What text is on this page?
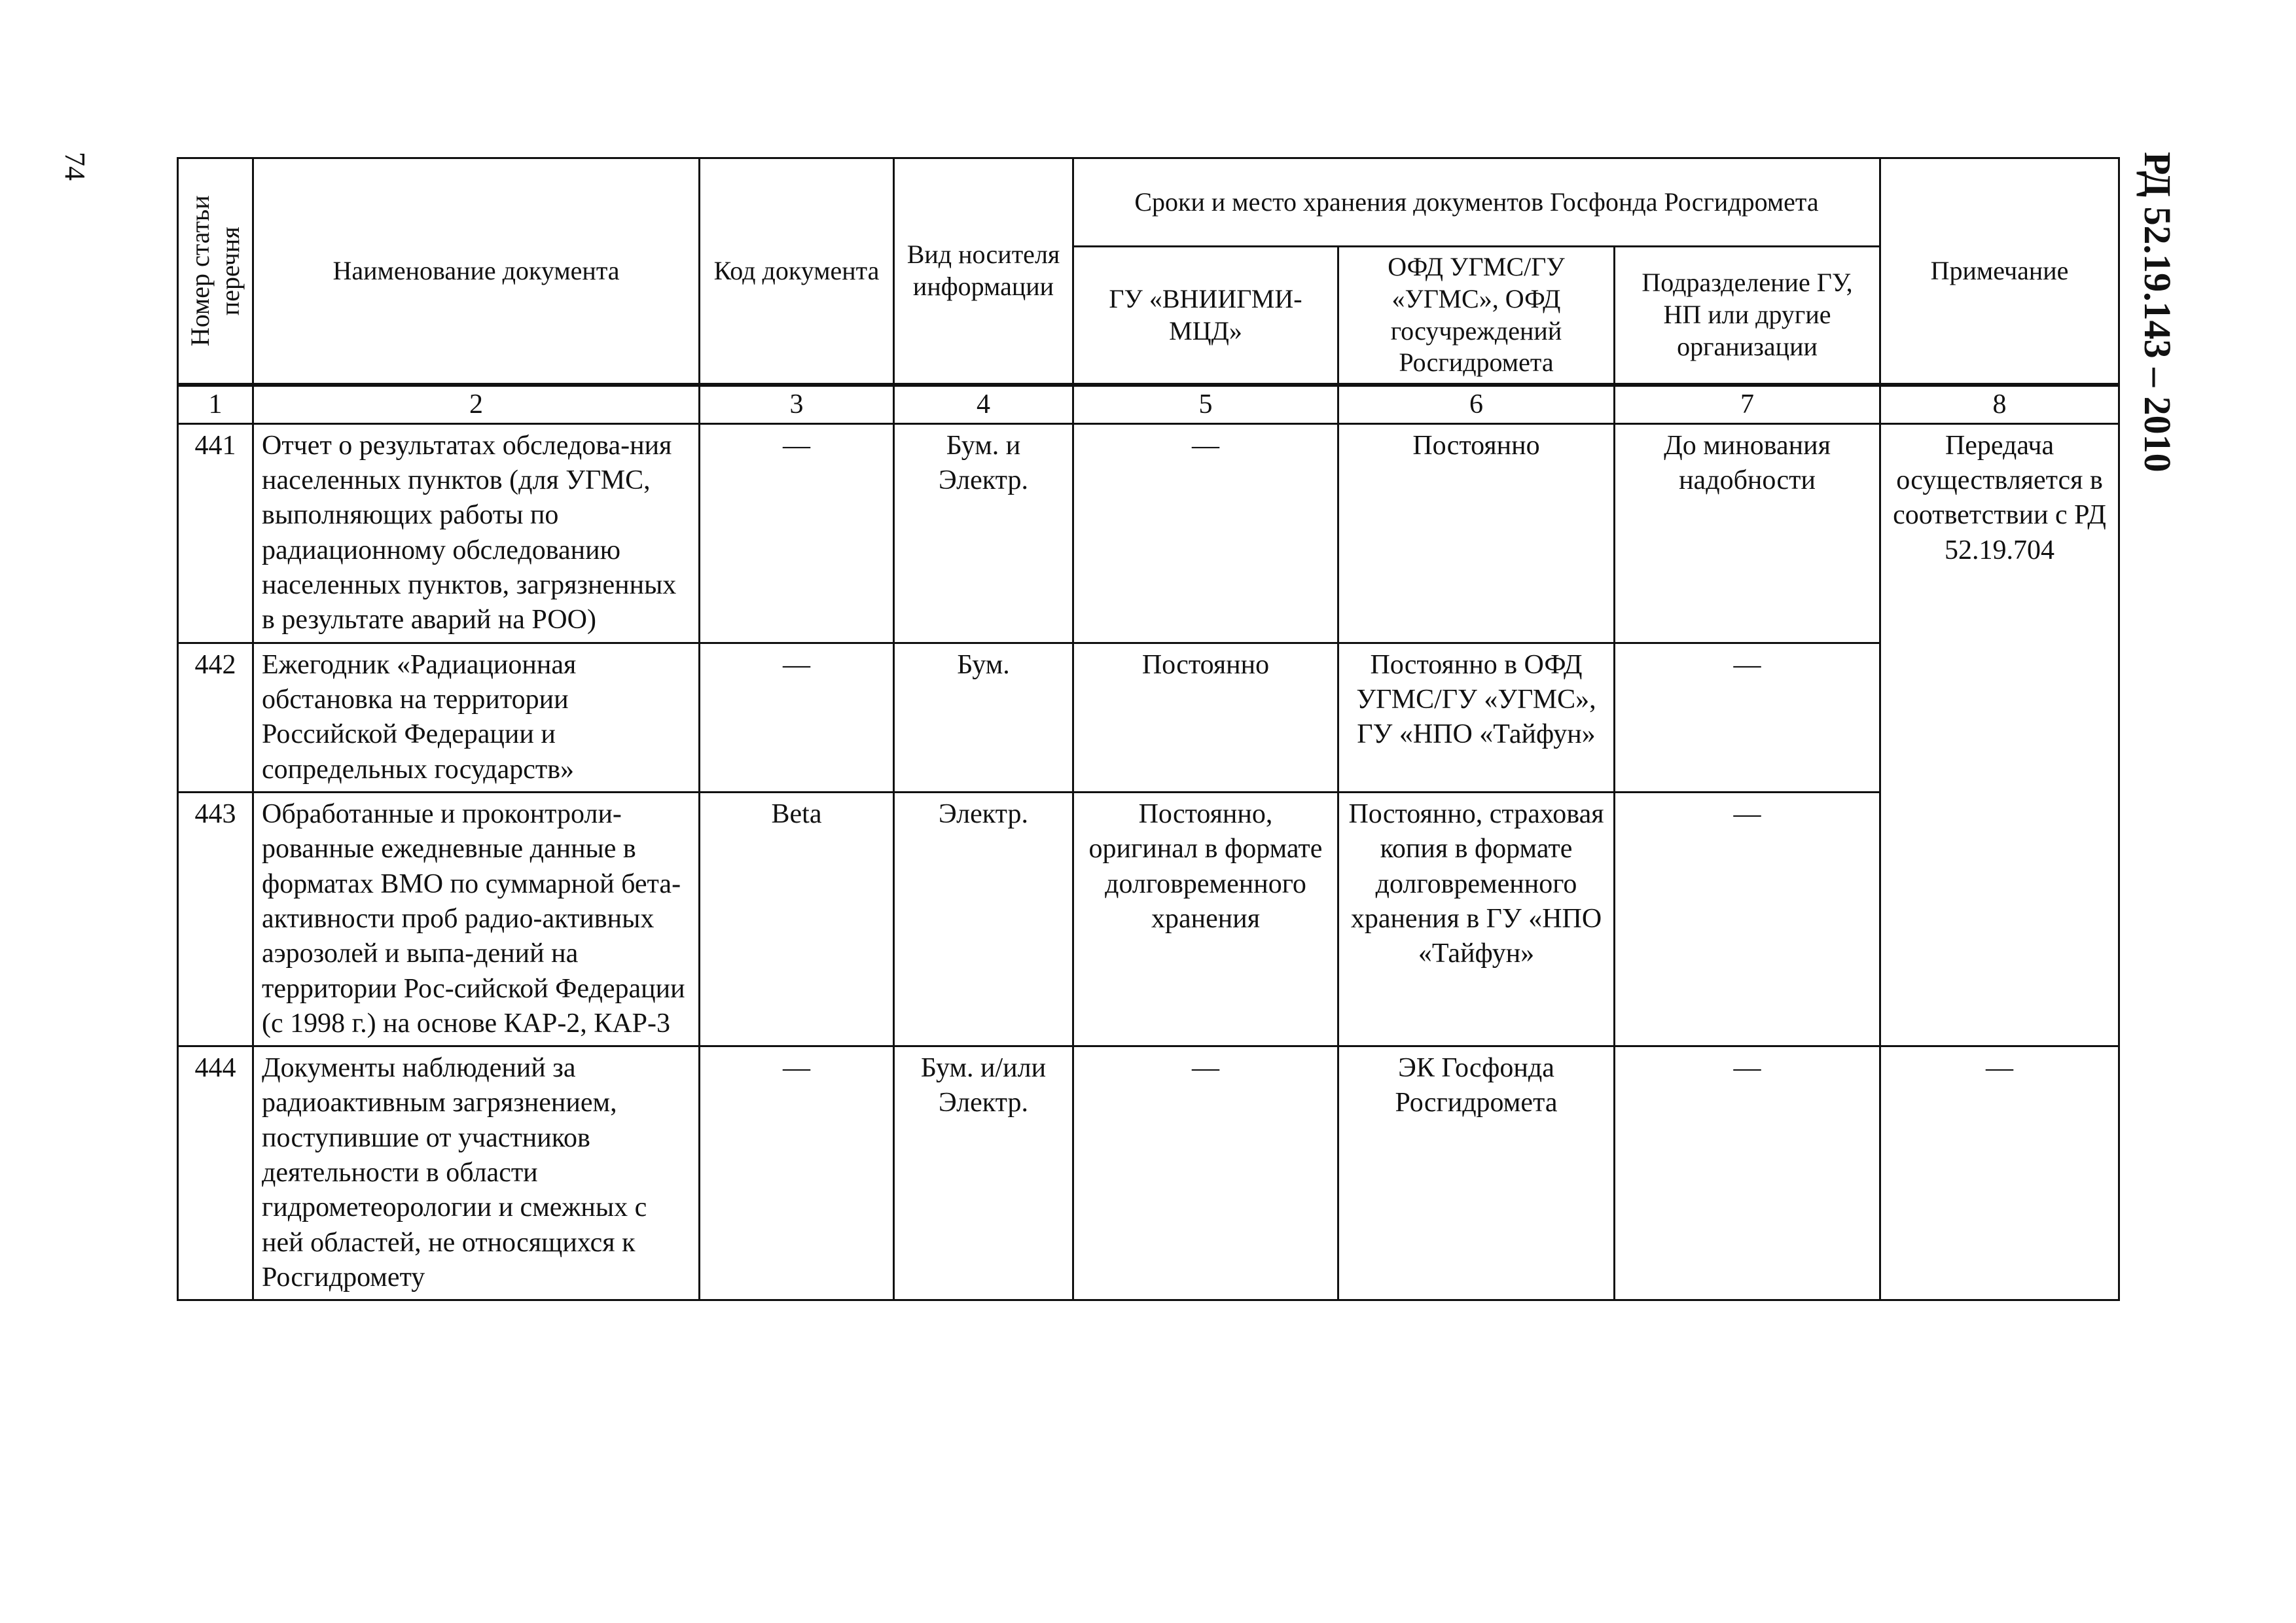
74	РД 52.19.143 – 2010
Номер статьи перечня	Наименование документа	Код документа	Вид носителя информации	Сроки и место хранения документов Госфонда Росгидромета			Примечание
				ГУ «ВНИИГМИ-МЦД»	ОФД УГМС/ГУ «УГМС», ОФД госучреждений Росгидромета	Подразделение ГУ, НП или другие организации	
1	2	3	4	5	6	7	8
441	Отчет о результатах обследова-ния населенных пунктов (для УГМС, выполняющих работы по радиационному обследованию населенных пунктов, загрязненных в результате аварий на РОО)	—	Бум. и Электр.	—	Постоянно	До минования надобности	Передача осуществляется в соответствии с РД 52.19.704
442	Ежегодник «Радиационная обстановка на территории Российской Федерации и сопредельных государств»	—	Бум.	Постоянно	Постоянно в ОФД УГМС/ГУ «УГМС», ГУ «НПО «Тайфун»	—	
443	Обработанные и проконтроли-рованные ежедневные данные в форматах ВМО по суммарной бета-активности проб радио-активных аэрозолей и выпа-дений на территории Рос-сийской Федерации (с 1998 г.) на основе КАР-2, КАР-3	Beta	Электр.	Постоянно, оригинал в формате долговременного хранения	Постоянно, страховая копия в формате долговременного хранения в ГУ «НПО «Тайфун»	—	
444	Документы наблюдений за радиоактивным загрязнением, поступившие от участников деятельности в области гидрометеорологии и смежных с ней областей, не относящихся к Росгидромету	—	Бум. и/или Электр.	—	ЭК Госфонда Росгидромета	—	—
